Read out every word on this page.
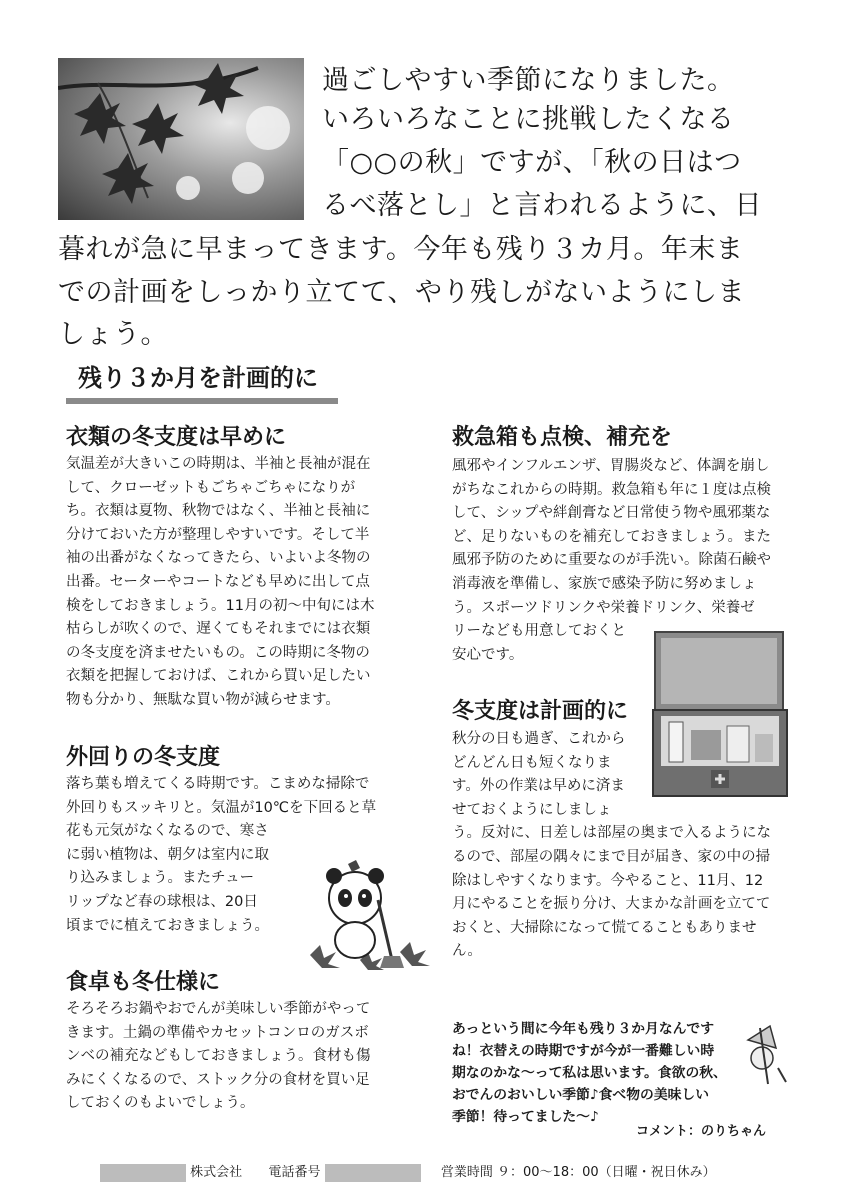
過ごしやすい季節になりました。
いろいろなことに挑戦したくなる
「○○の秋」ですが、「秋の日はつ
るべ落とし」と言われるように、日
暮れが急に早まってきます。今年も残り３カ月。年末ま
での計画をしっかり立てて、やり残しがないようにしま
しょう。
残り３か月を計画的に
衣類の冬支度は早めに
気温差が大きいこの時期は、半袖と長袖が混在
して、クローゼットもごちゃごちゃになりが
ち。衣類は夏物、秋物ではなく、半袖と長袖に
分けておいた方が整理しやすいです。そして半
袖の出番がなくなってきたら、いよいよ冬物の
出番。セーターやコートなども早めに出して点
検をしておきましょう。11月の初～中旬には木
枯らしが吹くので、遅くてもそれまでには衣類
の冬支度を済ませたいもの。この時期に冬物の
衣類を把握しておけば、これから買い足したい
物も分かり、無駄な買い物が減らせます。
外回りの冬支度
落ち葉も増えてくる時期です。こまめな掃除で
外回りもスッキリと。気温が10℃を下回ると草
花も元気がなくなるので、寒さ
に弱い植物は、朝夕は室内に取
り込みましょう。またチュー
リップなど春の球根は、20日
頃までに植えておきましょう。
食卓も冬仕様に
そろそろお鍋やおでんが美味しい季節がやって
きます。土鍋の準備やカセットコンロのガスボ
ンベの補充などもしておきましょう。食材も傷
みにくくなるので、ストック分の食材を買い足
しておくのもよいでしょう。
救急箱も点検、補充を
風邪やインフルエンザ、胃腸炎など、体調を崩し
がちなこれからの時期。救急箱も年に１度は点検
して、シップや絆創膏など日常使う物や風邪薬な
ど、足りないものを補充しておきましょう。また
風邪予防のために重要なのが手洗い。除菌石鹸や
消毒液を準備し、家族で感染予防に努めましょ
う。スポーツドリンクや栄養ドリンク、栄養ゼ
リーなども用意しておくと
安心です。
冬支度は計画的に
秋分の日も過ぎ、これから
どんどん日も短くなりま
す。外の作業は早めに済ま
せておくようにしましょ
う。反対に、日差しは部屋の奥まで入るようにな
るので、部屋の隅々にまで目が届き、家の中の掃
除はしやすくなります。今やること、11月、12
月にやることを振り分け、大まかな計画を立てて
おくと、大掃除になって慌てることもありませ
ん。
あっという間に今年も残り３か月なんです
ね！衣替えの時期ですが今が一番難しい時
期なのかな～って私は思います。食欲の秋、
おでんのおいしい季節♪食べ物の美味しい
季節！待ってました～♪
コメント：のりちゃん
株式会社 電話番号	営業時間 ９：00～18：00（日曜・祝日休み）
